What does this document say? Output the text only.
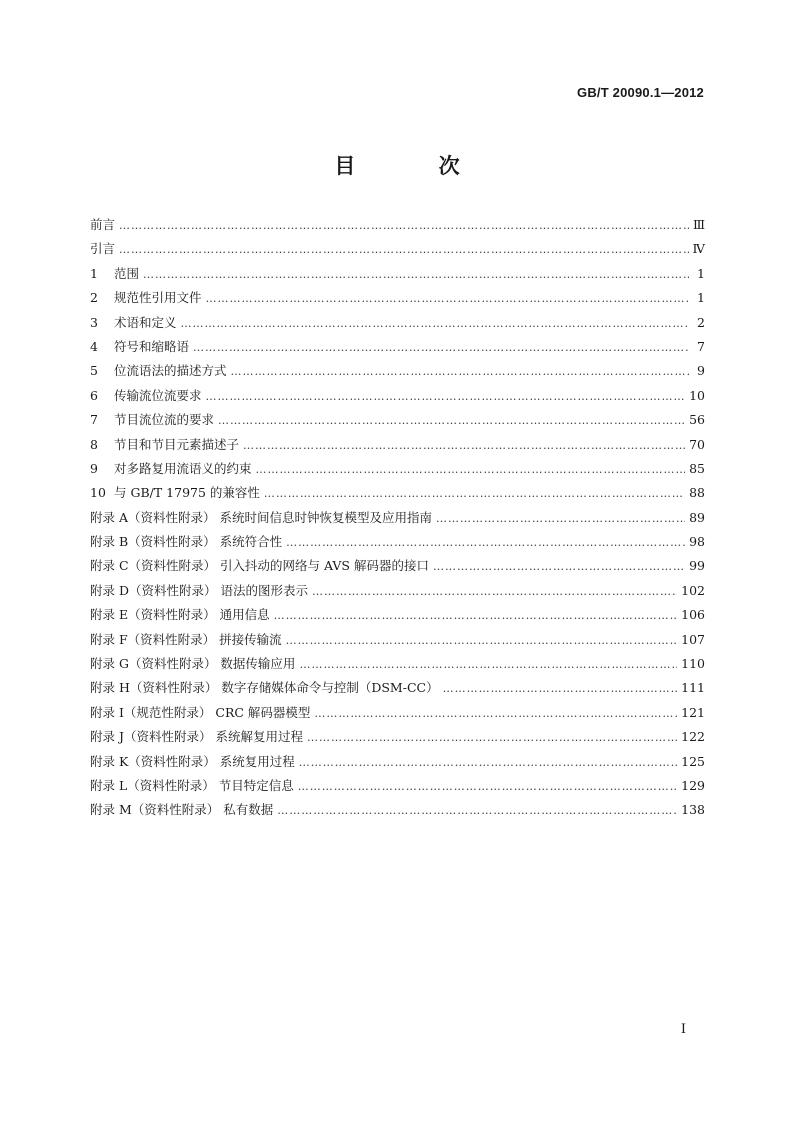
GB/T 20090.1—2012
目 次
前言 …………………………………………………………………………………………………………………………………………………………………………………………………………………………	Ⅲ
引言 …………………………………………………………………………………………………………………………………………………………………………………………………………………………	Ⅳ
1 范围 …………………………………………………………………………………………………………………………………………………………………………………………………………………………	1
2 规范性引用文件 …………………………………………………………………………………………………………………………………………………………………………………………………………………………	1
3 术语和定义 …………………………………………………………………………………………………………………………………………………………………………………………………………………………	2
4 符号和缩略语 …………………………………………………………………………………………………………………………………………………………………………………………………………………………	7
5 位流语法的描述方式 …………………………………………………………………………………………………………………………………………………………………………………………………………………………	9
6 传输流位流要求 …………………………………………………………………………………………………………………………………………………………………………………………………………………………	10
7 节目流位流的要求 …………………………………………………………………………………………………………………………………………………………………………………………………………………………	56
8 节目和节目元素描述子 …………………………………………………………………………………………………………………………………………………………………………………………………………………………	70
9 对多路复用流语义的约束 …………………………………………………………………………………………………………………………………………………………………………………………………………………………	85
10 与 GB/T 17975 的兼容性 …………………………………………………………………………………………………………………………………………………………………………………………………………………………	88
附录 A（资料性附录） 系统时间信息时钟恢复模型及应用指南 …………………………………………………………………………………………………………………………………………………………………………………………………………………………	89
附录 B（资料性附录） 系统符合性 …………………………………………………………………………………………………………………………………………………………………………………………………………………………	98
附录 C（资料性附录） 引入抖动的网络与 AVS 解码器的接口 …………………………………………………………………………………………………………………………………………………………………………………………………………………………	99
附录 D（资料性附录） 语法的图形表示 …………………………………………………………………………………………………………………………………………………………………………………………………………………………	102
附录 E（资料性附录） 通用信息 …………………………………………………………………………………………………………………………………………………………………………………………………………………………	106
附录 F（资料性附录） 拼接传输流 …………………………………………………………………………………………………………………………………………………………………………………………………………………………	107
附录 G（资料性附录） 数据传输应用 …………………………………………………………………………………………………………………………………………………………………………………………………………………………	110
附录 H（资料性附录） 数字存储媒体命令与控制（DSM-CC） …………………………………………………………………………………………………………………………………………………………………………………………………………………………	111
附录 I（规范性附录） CRC 解码器模型 …………………………………………………………………………………………………………………………………………………………………………………………………………………………	121
附录 J（资料性附录） 系统解复用过程 …………………………………………………………………………………………………………………………………………………………………………………………………………………………	122
附录 K（资料性附录） 系统复用过程 …………………………………………………………………………………………………………………………………………………………………………………………………………………………	125
附录 L（资料性附录） 节目特定信息 …………………………………………………………………………………………………………………………………………………………………………………………………………………………	129
附录 M（资料性附录） 私有数据 …………………………………………………………………………………………………………………………………………………………………………………………………………………………	138
I
